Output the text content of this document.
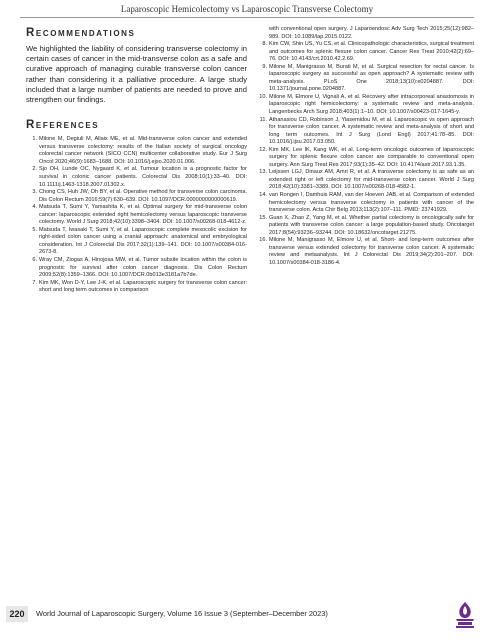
Laparoscopic Hemicolectomy vs Laparoscopic Transverse Colectomy
Recommendations

We highlighted the liability of considering transverse colectomy in certain cases of cancer in the mid-transverse colon as a safe and curative approach of managing curable transverse colon cancer rather than considering it a palliative procedure. A large study included that a large number of patients are needed to prove and strengthen our findings.

References
1. Milone M, Degiuli M, Allaix ME, et al. Mid-transverse colon cancer and extended versus transverse colectomy: results of the Italian society of surgical oncology colorectal cancer network (SICO CCN) multicenter collaborative study. Eur J Surg Oncol 2020;46(9):1683–1688. DOI: 10.1016/j.ejso.2020.01.006.
2. Sjo OH, Lunde OC, Nygaard K, et al. Tumour location is a prognostic factor for survival in colonic cancer patients. Colorectal Dis 2008;10(1):33–40. DOI: 10.1111/j.1463-1318.2007.01302.x.
3. Chong CS, Huh JW, Oh BY, et al. Operative method for transverse colon carcinoma. Dis Colon Rectum 2016;59(7):630–639. DOI: 10.1097/DCR.0000000000000619.
4. Matsuda T, Sumi Y, Yamashita K, et al. Optimal surgery for mid-transverse colon cancer: laparoscopic extended right hemicolectomy versus laparoscopic transverse colectomy. World J Surg 2018;42(10):3398–3404. DOI: 10.1007/s00268-018-4612-z.
5. Matsuda T, Iwasaki T, Sumi Y, et al. Laparoscopic complete mesocolic excision for right-sided colon cancer using a cranial approach: anatomical and embryological consideration. Int J Colorectal Dis 2017;32(1):139–141. DOI: 10.1007/s00384-016-2673-8.
6. Wray CM, Ziogas A, Hinojosa MW, et al. Tumor subsite location within the colon is prognostic for survival after colon cancer diagnosis. Dis Colon Rectum 2009;52(8):1359–1366. DOI: 10.1007/DCR.0b013e3181a7b7de.
7. Kim MK, Won D-Y, Lee J-K, et al. Laparoscopic surgery for transverse colon cancer: short and long term outcomes in comparison
with conventional open surgery. J Laparoendosc Adv Surg Tech 2015;25(12):982–989. DOI: 10.1089/lap.2015.0122.
8. Kim CW, Shin US, Yu CS, et al. Clinicopathologic characteristics, surgical treatment and outcomes for splenic flexure colon cancer. Cancer Res Treat 2010;42(2):69–76. DOI: 10.4143/crt.2010.42.2.69.
9. Milone M, Manigrasso M, Burati M, et al. Surgical resection for rectal cancer. Is laparoscopic surgery as successful as open approach? A systematic review with meta-analysis. PLoS One 2018;13(10):e0204887. DOI: 10.1371/journal.pone.0204887.
10. Milone M, Elmore U, Vignali A, et al. Recovery after intracorporeal anastomosis in laparoscopic right hemicolectomy: a systematic review and meta-analysis. Langenbecks Arch Surg 2018;403(1):1–10. DOI: 10.1007/s00423-017-1645-y.
11. Athanasiou CD, Robinson J, Yiasemidou M, et al. Laparoscopic vs open approach for transverse colon cancer. A systematic review and meta-analysis of short and long term outcomes. Int J Surg (Lond Engl) 2017;41:78–85. DOI: 10.1016/j.ijsu.2017.03.050.
12. Kim MK, Lee IK, Kang WK, et al. Long-term oncologic outcomes of laparoscopic surgery for splenic flexure colon cancer are comparable to conventional open surgery. Ann Surg Treat Res 2017;93(1):35–42. DOI: 10.4174/astr.2017.93.1.35.
13. Leijssen LGJ, Dinaux AM, Amri R, et al. A transverse colectomy is as safe as an extended right or left colectomy for mid-transverse colon cancer. World J Surg 2018;42(10):3381–3389. DOI: 10.1007/s00268-018-4582-1.
14. van Rongen I, Damhuis RAM, van der Hoeven JAB, et al. Comparison of extended hemicolectomy versus transverse colectomy in patients with cancer of the transverse colon. Acta Chir Belg 2013;113(2):107–111. PMID: 23741929.
15. Guan X, Zhao Z, Yang M, et al. Whether partial colectomy is oncologically safe for patients with transverse colon cancer: a large population-based study. Oncotarget 2017;8(54):93236–93244. DOI: 10.18632/oncotarget.21275.
16. Milone M, Manigrasso M, Elmore U, et al. Short- and long-term outcomes after transverse versus extended colectomy for transverse colon cancer. A systematic review and metaanalysis. Int J Colorectal Dis 2019;34(2):201–207. DOI: 10.1007/s00384-018-3186-4.
220	World Journal of Laparoscopic Surgery, Volume 16 Issue 3 (September–December 2023)
